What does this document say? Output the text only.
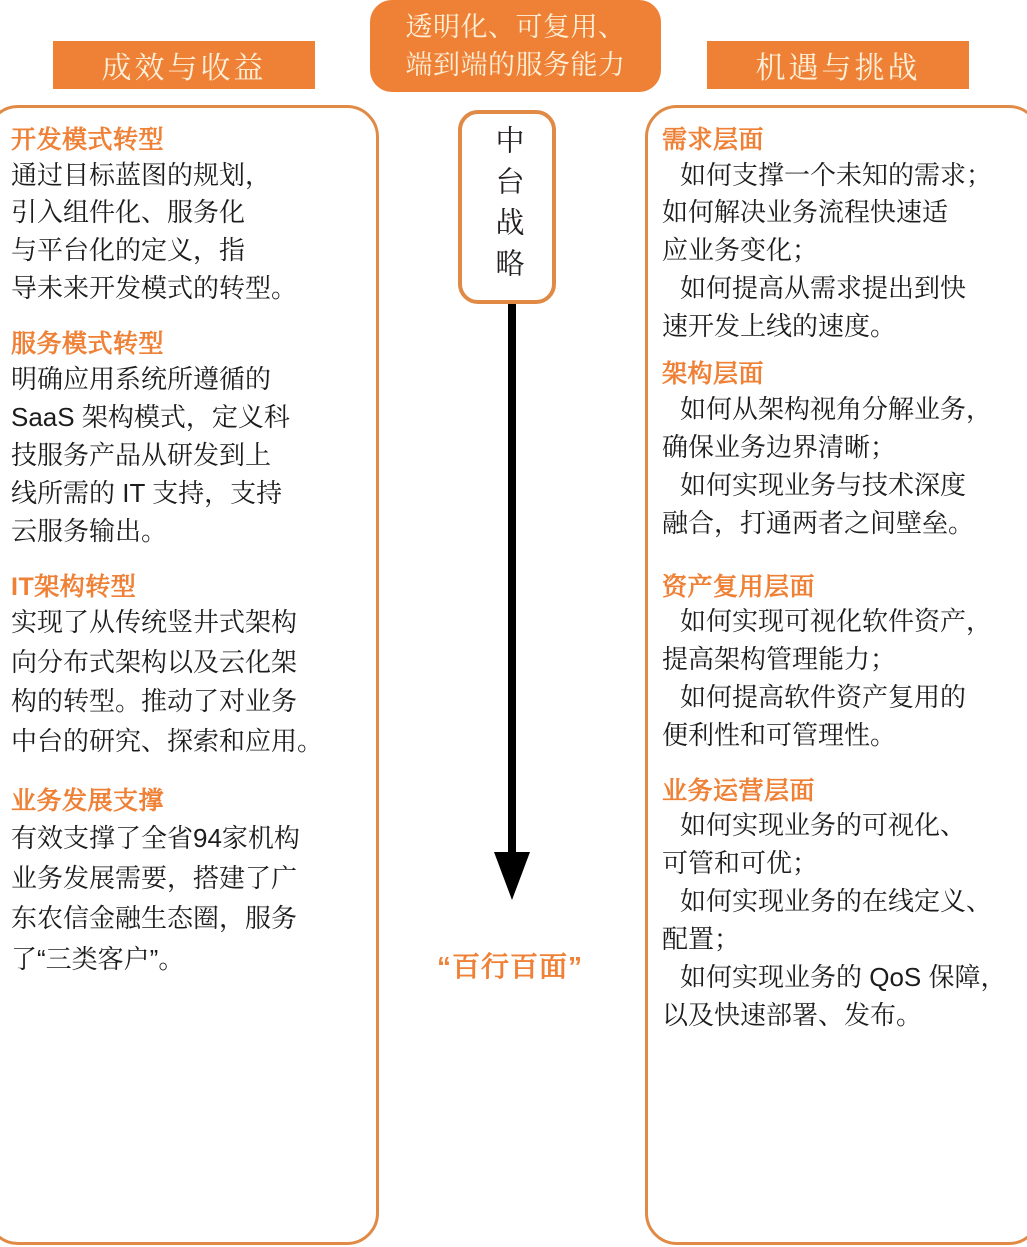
成效与收益
透明化、可复用、
端到端的服务能力	机遇与挑战
开发模式转型
通过目标蓝图的规划，
引入组件化、服务化
与平台化的定义，指
导未来开发模式的转型。
服务模式转型
明确应用系统所遵循的
SaaS 架构模式，定义科
技服务产品从研发到上
线所需的 IT 支持，支持
云服务输出。
IT架构转型
实现了从传统竖井式架构
向分布式架构以及云化架
构的转型。推动了对业务
中台的研究、探索和应用。
业务发展支撑
有效支撑了全省94家机构
业务发展需要，搭建了广
东农信金融生态圈，服务
了“三类客户”。
中台战略
“百行百面”
需求层面
如何支撑一个未知的需求；
如何解决业务流程快速适
应业务变化；
如何提高从需求提出到快
速开发上线的速度。
架构层面
如何从架构视角分解业务，
确保业务边界清晰；
如何实现业务与技术深度
融合，打通两者之间壁垒。
资产复用层面
如何实现可视化软件资产，
提高架构管理能力；
如何提高软件资产复用的
便利性和可管理性。
业务运营层面
如何实现业务的可视化、
可管和可优；
如何实现业务的在线定义、
配置；
如何实现业务的 QoS 保障，
以及快速部署、发布。
